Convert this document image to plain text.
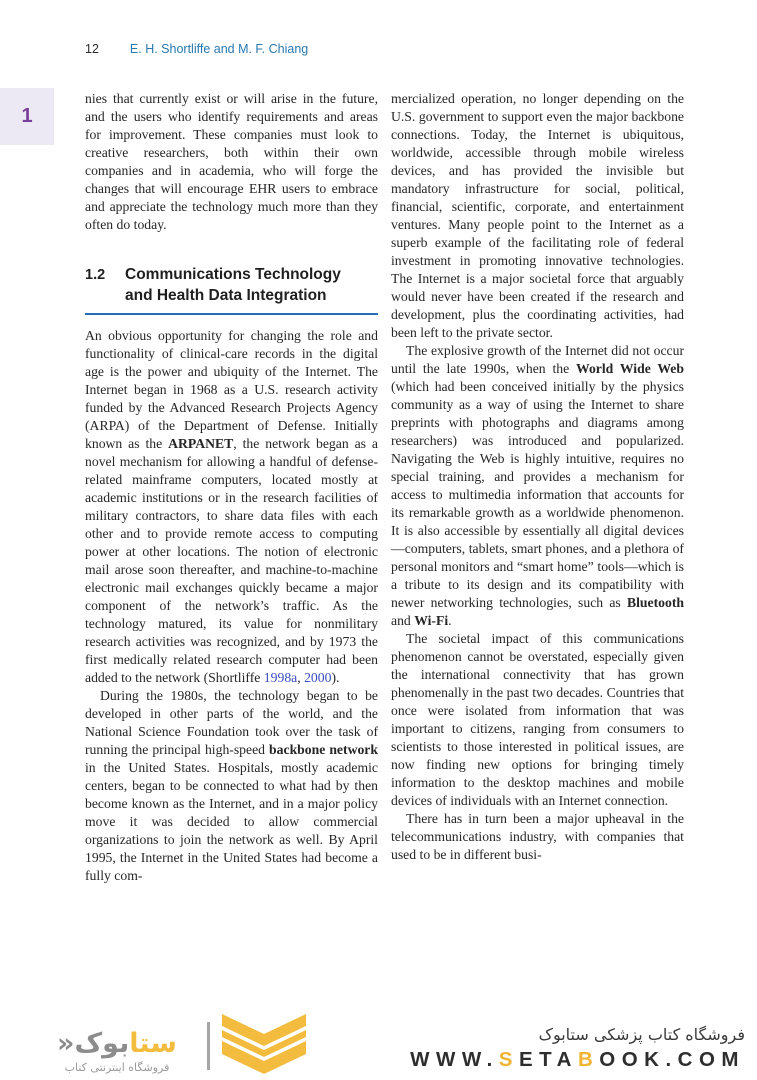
12 E. H. Shortliffe and M. F. Chiang
1

nies that currently exist or will arise in the future, and the users who identify requirements and areas for improvement. These companies must look to creative researchers, both within their own companies and in academia, who will forge the changes that will encourage EHR users to embrace and appreciate the technology much more than they often do today.

1.2	Communications Technology
and Health Data Integration

An obvious opportunity for changing the role and functionality of clinical-care records in the digital age is the power and ubiquity of the Internet. The Internet began in 1968 as a U.S. research activity funded by the Advanced Research Projects Agency (ARPA) of the Department of Defense. Initially known as the ARPANET, the network began as a novel mechanism for allowing a handful of defense-related mainframe computers, located mostly at academic institutions or in the research facilities of military contractors, to share data files with each other and to provide remote access to computing power at other locations. The notion of electronic mail arose soon thereafter, and machine-to-machine electronic mail exchanges quickly became a major component of the network’s traffic. As the technology matured, its value for nonmilitary research activities was recognized, and by 1973 the first medically related research computer had been added to the network (Shortliffe 1998a, 2000).

During the 1980s, the technology began to be developed in other parts of the world, and the National Science Foundation took over the task of running the principal high-speed backbone network in the United States. Hospitals, mostly academic centers, began to be connected to what had by then become known as the Internet, and in a major policy move it was decided to allow commercial organizations to join the network as well. By April 1995, the Internet in the United States had become a fully com-

mercialized operation, no longer depending on the U.S. government to support even the major backbone connections. Today, the Internet is ubiquitous, worldwide, accessible through mobile wireless devices, and has provided the invisible but mandatory infrastructure for social, political, financial, scientific, corporate, and entertainment ventures. Many people point to the Internet as a superb example of the facilitating role of federal investment in promoting innovative technologies. The Internet is a major societal force that arguably would never have been created if the research and development, plus the coordinating activities, had been left to the private sector.

The explosive growth of the Internet did not occur until the late 1990s, when the World Wide Web (which had been conceived initially by the physics community as a way of using the Internet to share preprints with photographs and diagrams among researchers) was introduced and popularized. Navigating the Web is highly intuitive, requires no special training, and provides a mechanism for access to multimedia information that accounts for its remarkable growth as a worldwide phenomenon. It is also accessible by essentially all digital devices—computers, tablets, smart phones, and a plethora of personal monitors and “smart home” tools—which is a tribute to its design and its compatibility with newer networking technologies, such as Bluetooth and Wi-Fi.

The societal impact of this communications phenomenon cannot be overstated, especially given the international connectivity that has grown phenomenally in the past two decades. Countries that once were isolated from information that was important to citizens, ranging from consumers to scientists to those interested in political issues, are now finding new options for bringing timely information to the desktop machines and mobile devices of individuals with an Internet connection.

There has in turn been a major upheaval in the telecommunications industry, with companies that used to be in different busi-

ستابوک«
فروشگاه اینترنتی کتاب
فروشگاه کتاب پزشکی ستابوک
WWW.SETABOOK.COM
